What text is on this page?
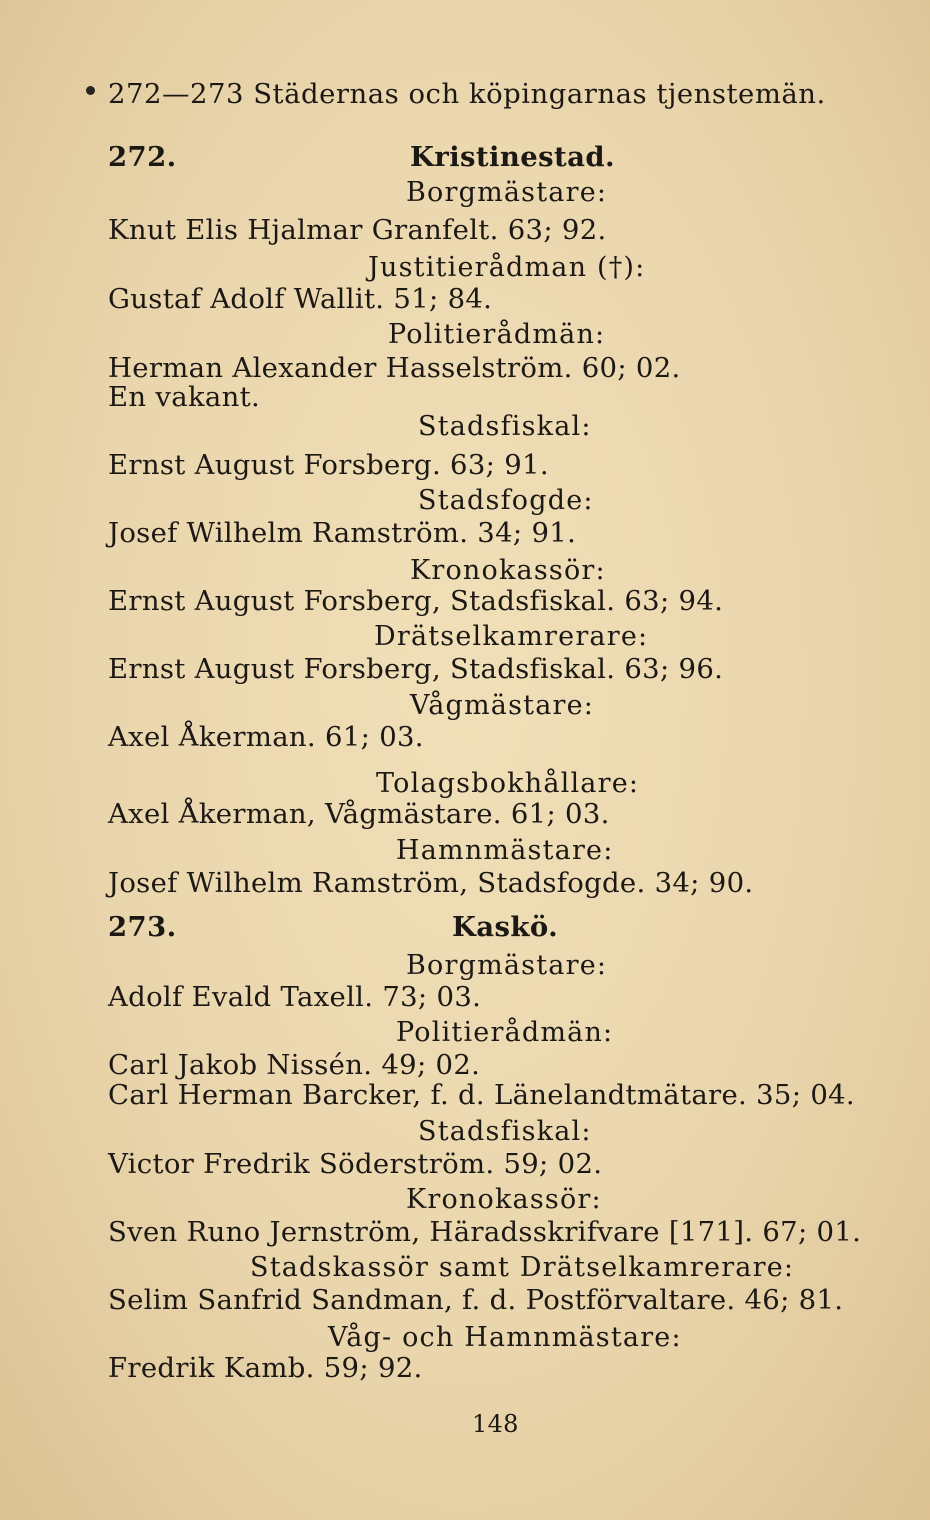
272—273 Städernas och köpingarnas tjenstemän.
272.	Kristinestad.
Borgmästare:
Knut Elis Hjalmar Granfelt. 63; 92.
Justitierådman (†):
Gustaf Adolf Wallit. 51; 84.
Politierådmän:
Herman Alexander Hasselström. 60; 02.
En vakant.
Stadsfiskal:
Ernst August Forsberg. 63; 91.
Stadsfogde:
Josef Wilhelm Ramström. 34; 91.
Kronokassör:
Ernst August Forsberg, Stadsfiskal. 63; 94.
Drätselkamrerare:
Ernst August Forsberg, Stadsfiskal. 63; 96.
Vågmästare:
Axel Åkerman. 61; 03.
Tolagsbokhållare:
Axel Åkerman, Vågmästare. 61; 03.
Hamnmästare:
Josef Wilhelm Ramström, Stadsfogde. 34; 90.
273.	Kaskö.
Borgmästare:
Adolf Evald Taxell. 73; 03.
Politierådmän:
Carl Jakob Nissén. 49; 02.
Carl Herman Barcker, f. d. Länelandtmätare. 35; 04.
Stadsfiskal:
Victor Fredrik Söderström. 59; 02.
Kronokassör:
Sven Runo Jernström, Häradsskrifvare [171]. 67; 01.
Stadskassör samt Drätselkamrerare:
Selim Sanfrid Sandman, f. d. Postförvaltare. 46; 81.
Våg- och Hamnmästare:
Fredrik Kamb. 59; 92.
148
